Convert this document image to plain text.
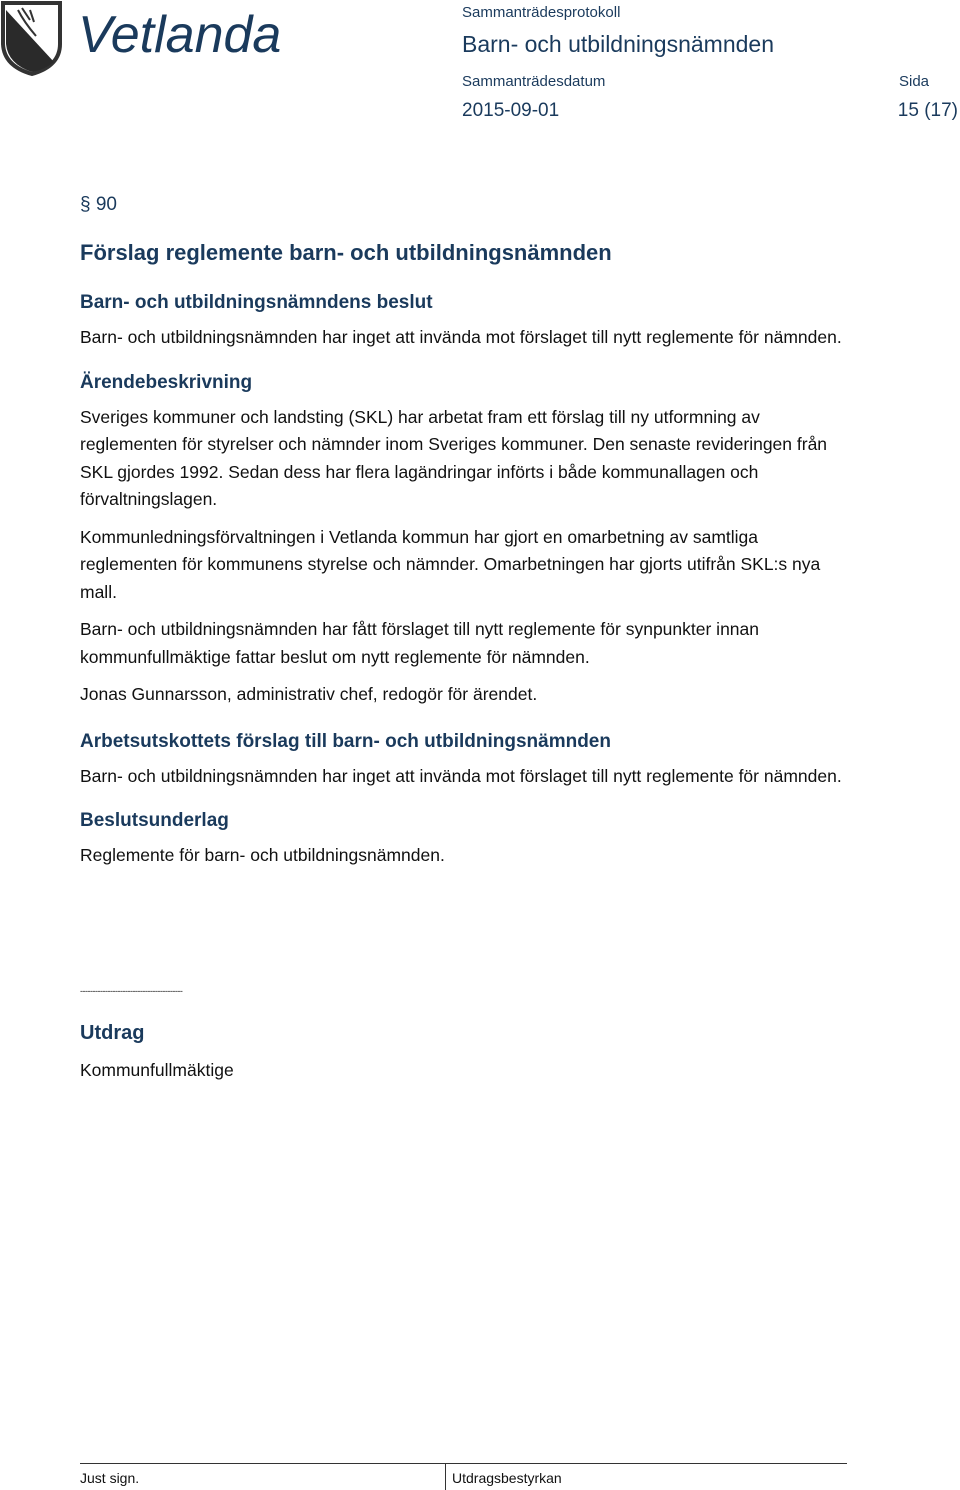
Vetlanda	Sammanträdesprotokoll
Barn- och utbildningsnämnden
Sammanträdesdatum	Sida
2015-09-01	15 (17)

§ 90

Förslag reglemente barn- och utbildningsnämnden
Barn- och utbildningsnämndens beslut

Barn- och utbildningsnämnden har inget att invända mot förslaget till nytt reglemente för nämnden.

Ärendebeskrivning

Sveriges kommuner och landsting (SKL) har arbetat fram ett förslag till ny utformning av reglementen för styrelser och nämnder inom Sveriges kommuner. Den senaste revideringen från SKL gjordes 1992. Sedan dess har flera lagändringar införts i både kommunallagen och förvaltningslagen.

Kommunledningsförvaltningen i Vetlanda kommun har gjort en omarbetning av samtliga reglementen för kommunens styrelse och nämnder. Omarbetningen har gjorts utifrån SKL:s nya mall.

Barn- och utbildningsnämnden har fått förslaget till nytt reglemente för synpunkter innan kommunfullmäktige fattar beslut om nytt reglemente för nämnden.

Jonas Gunnarsson, administrativ chef, redogör för ärendet.

Arbetsutskottets förslag till barn- och utbildningsnämnden

Barn- och utbildningsnämnden har inget att invända mot förslaget till nytt reglemente för nämnden.

Beslutsunderlag

Reglemente för barn- och utbildningsnämnden.

-----------------------------------------
Utdrag

Kommunfullmäktige

Just sign.	Utdragsbestyrkan
